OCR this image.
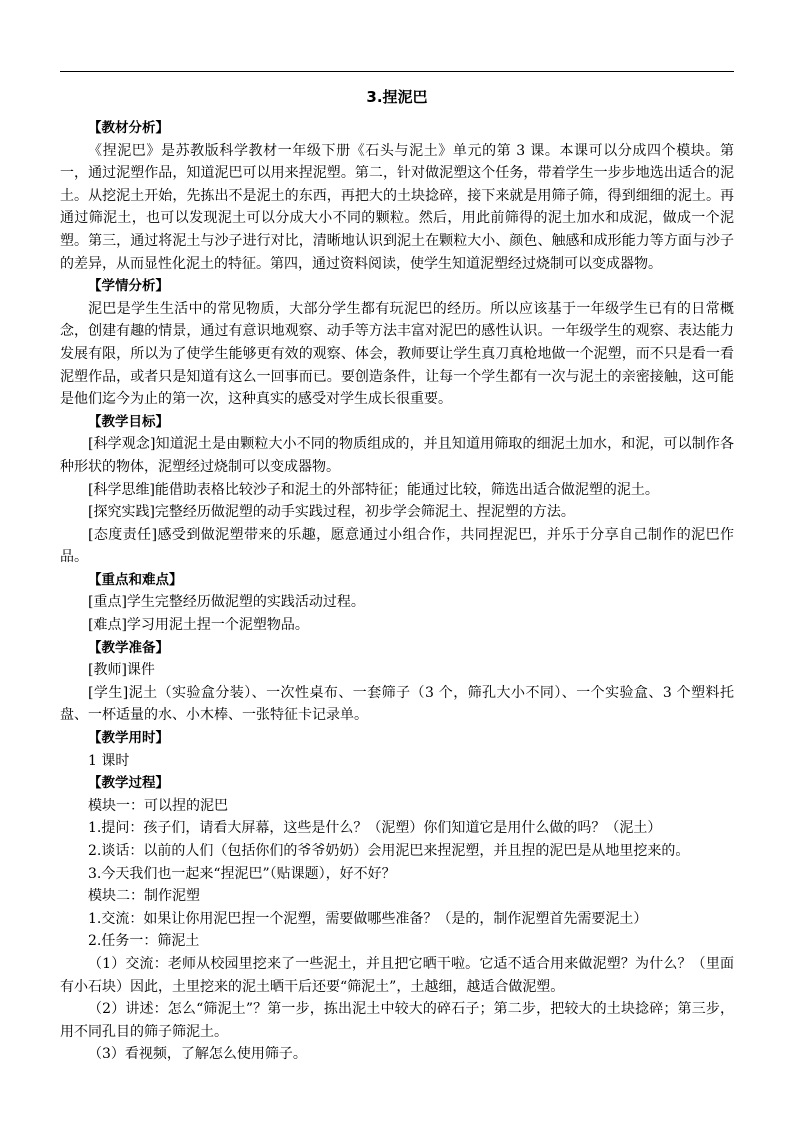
3.捏泥巴

【教材分析】

《捏泥巴》是苏教版科学教材一年级下册《石头与泥土》单元的第 3 课。本课可以分成四个模块。第一，通过泥塑作品，知道泥巴可以用来捏泥塑。第二，针对做泥塑这个任务，带着学生一步步地选出适合的泥土。从挖泥土开始，先拣出不是泥土的东西，再把大的土块捻碎，接下来就是用筛子筛，得到细细的泥土。再通过筛泥土，也可以发现泥土可以分成大小不同的颗粒。然后，用此前筛得的泥土加水和成泥，做成一个泥塑。第三，通过将泥土与沙子进行对比，清晰地认识到泥土在颗粒大小、颜色、触感和成形能力等方面与沙子的差异，从而显性化泥土的特征。第四，通过资料阅读，使学生知道泥塑经过烧制可以变成器物。

【学情分析】

泥巴是学生生活中的常见物质，大部分学生都有玩泥巴的经历。所以应该基于一年级学生已有的日常概念，创建有趣的情景，通过有意识地观察、动手等方法丰富对泥巴的感性认识。一年级学生的观察、表达能力发展有限，所以为了使学生能够更有效的观察、体会，教师要让学生真刀真枪地做一个泥塑，而不只是看一看泥塑作品，或者只是知道有这么一回事而已。要创造条件，让每一个学生都有一次与泥土的亲密接触，这可能是他们迄今为止的第一次，这种真实的感受对学生成长很重要。

【教学目标】

[科学观念]知道泥土是由颗粒大小不同的物质组成的，并且知道用筛取的细泥土加水，和泥，可以制作各种形状的物体，泥塑经过烧制可以变成器物。

[科学思维]能借助表格比较沙子和泥土的外部特征；能通过比较，筛选出适合做泥塑的泥土。

[探究实践]完整经历做泥塑的动手实践过程，初步学会筛泥土、捏泥塑的方法。

[态度责任]感受到做泥塑带来的乐趣，愿意通过小组合作，共同捏泥巴，并乐于分享自己制作的泥巴作品。

【重点和难点】

[重点]学生完整经历做泥塑的实践活动过程。

[难点]学习用泥土捏一个泥塑物品。

【教学准备】

[教师]课件

[学生]泥土（实验盒分装）、一次性桌布、一套筛子（3 个，筛孔大小不同）、一个实验盒、3 个塑料托盘、一杯适量的水、小木棒、一张特征卡记录单。

【教学用时】

1 课时

【教学过程】

模块一：可以捏的泥巴

1.提问：孩子们，请看大屏幕，这些是什么？（泥塑）你们知道它是用什么做的吗？（泥土）

2.谈话：以前的人们（包括你们的爷爷奶奶）会用泥巴来捏泥塑，并且捏的泥巴是从地里挖来的。

3.今天我们也一起来“捏泥巴”（贴课题），好不好？

模块二：制作泥塑

1.交流：如果让你用泥巴捏一个泥塑，需要做哪些准备？（是的，制作泥塑首先需要泥土）

2.任务一：筛泥土

（1）交流：老师从校园里挖来了一些泥土，并且把它晒干啦。它适不适合用来做泥塑？为什么？（里面有小石块）因此，土里挖来的泥土晒干后还要“筛泥土”，土越细，越适合做泥塑。

（2）讲述：怎么“筛泥土”？第一步，拣出泥土中较大的碎石子；第二步，把较大的土块捻碎；第三步，用不同孔目的筛子筛泥土。

（3）看视频，了解怎么使用筛子。
